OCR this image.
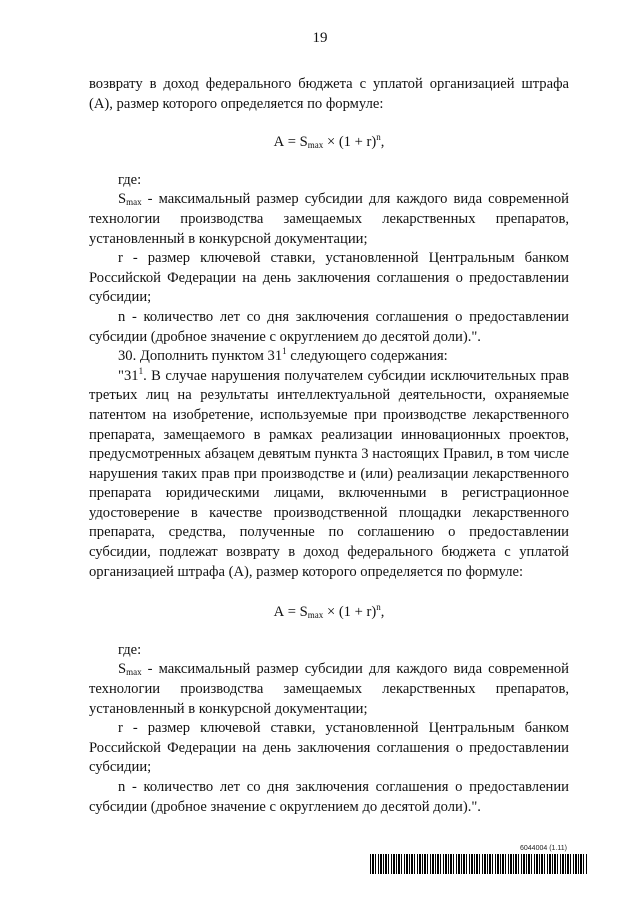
19

возврату в доход федерального бюджета с уплатой организацией штрафа (А), размер которого определяется по формуле:

$А = S_{max} \times (1 + r)^n$,

где:

$S_{max}$ - максимальный размер субсидии для каждого вида современной технологии производства замещаемых лекарственных препаратов, установленный в конкурсной документации;

r - размер ключевой ставки, установленной Центральным банком Российской Федерации на день заключения соглашения о предоставлении субсидии;

n - количество лет со дня заключения соглашения о предоставлении субсидии (дробное значение с округлением до десятой доли).".

30. Дополнить пунктом $31^1$ следующего содержания:

"$31^1$. В случае нарушения получателем субсидии исключительных прав третьих лиц на результаты интеллектуальной деятельности, охраняемые патентом на изобретение, используемые при производстве лекарственного препарата, замещаемого в рамках реализации инновационных проектов, предусмотренных абзацем девятым пункта 3 настоящих Правил, в том числе нарушения таких прав при производстве и (или) реализации лекарственного препарата юридическими лицами, включенными в регистрационное удостоверение в качестве производственной площадки лекарственного препарата, средства, полученные по соглашению о предоставлении субсидии, подлежат возврату в доход федерального бюджета с уплатой организацией штрафа (А), размер которого определяется по формуле:

$А = S_{max} \times (1 + r)^n$,

где:

$S_{max}$ - максимальный размер субсидии для каждого вида современной технологии производства замещаемых лекарственных препаратов, установленный в конкурсной документации;

r - размер ключевой ставки, установленной Центральным банком Российской Федерации на день заключения соглашения о предоставлении субсидии;

n - количество лет со дня заключения соглашения о предоставлении субсидии (дробное значение с округлением до десятой доли).".

6044004 (1.11)
